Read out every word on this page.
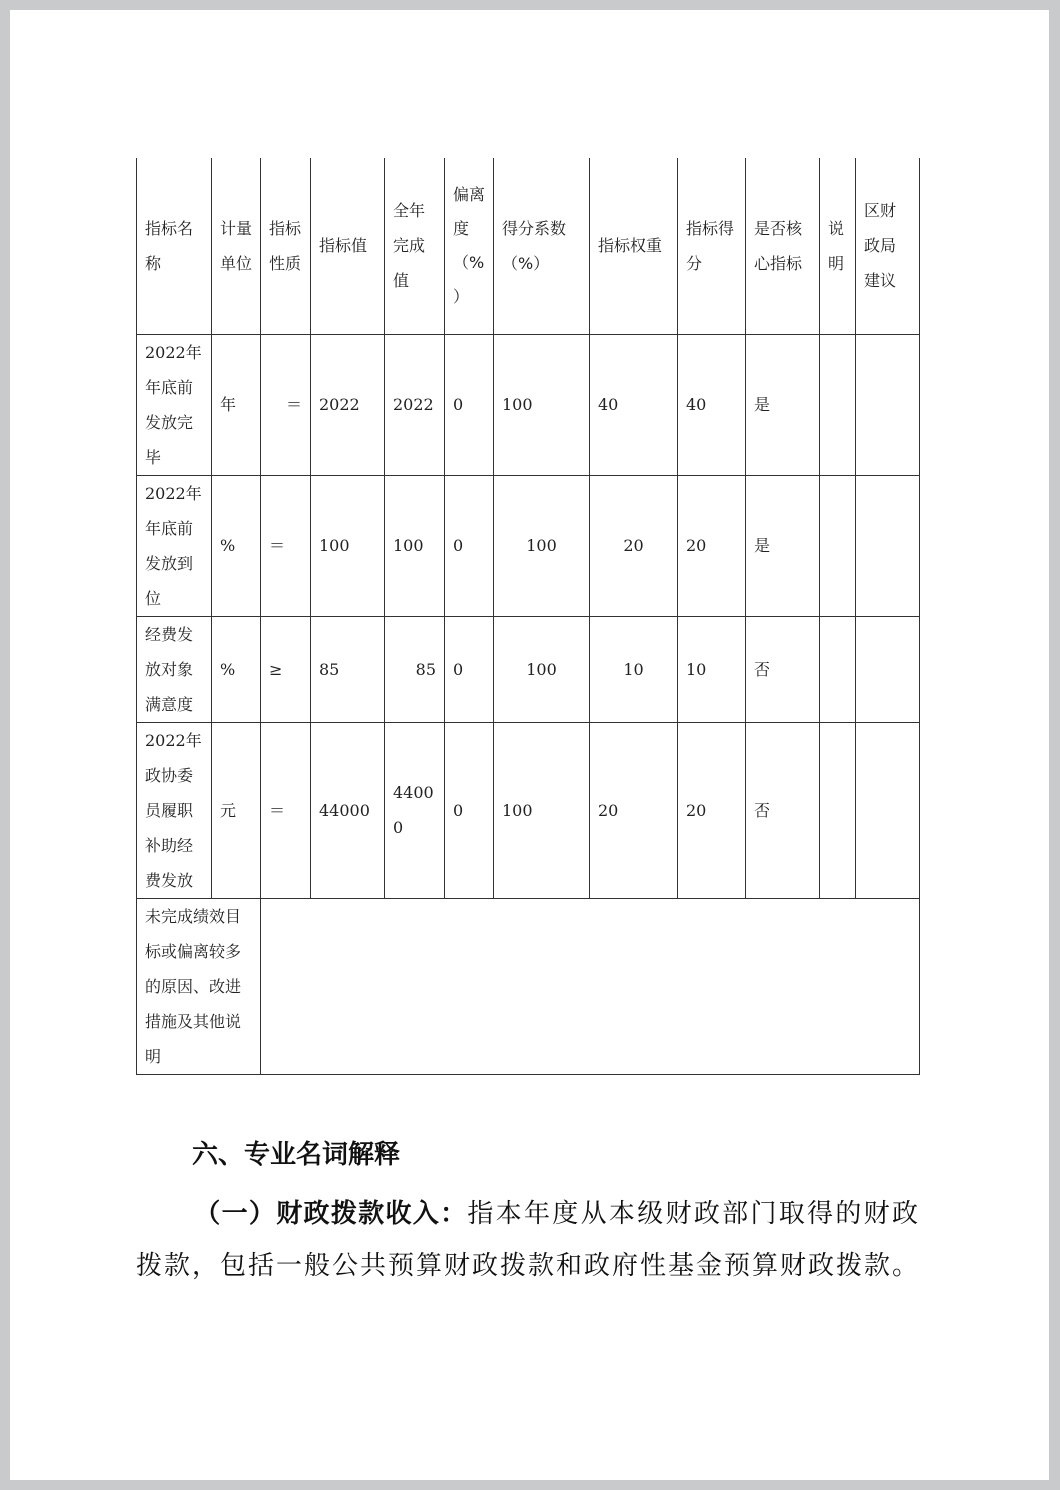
指标名称	计量单位	指标性质	指标值	全年完成值	偏离度（%）	得分系数（%）	指标权重	指标得分	是否核心指标	说明	区财政局建议
2022年年底前发放完毕	年	＝	2022	2022	0	100	40	40	是		
2022年年底前发放到位	%	＝	100	100	0	100	20	20	是		
经费发放对象满意度	%	≥	85	85	0	100	10	10	否		
2022年政协委员履职补助经费发放	元	＝	44000	44000	0	100	20	20	否		
未完成绩效目标或偏离较多的原因、改进措施及其他说明											
六、专业名词解释
（一）财政拨款收入：指本年度从本级财政部门取得的财政拨款，包括一般公共预算财政拨款和政府性基金预算财政拨款。
